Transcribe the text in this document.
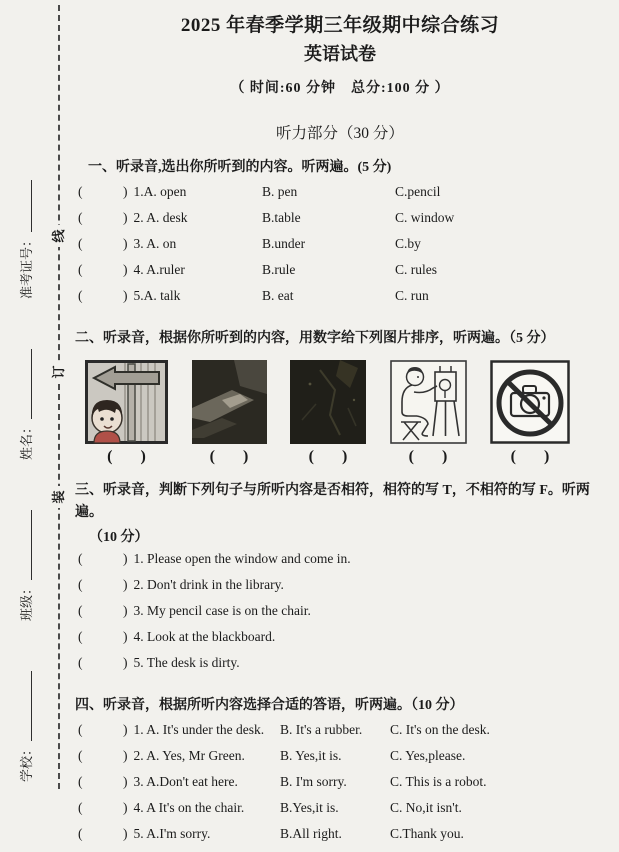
装
订
线
学校：
班级：
姓名：
准考证号：
2025 年春季学期三年级期中综合练习
英语试卷
（ 时间:60 分钟　总分:100 分 ）
听力部分（30 分）
一、听录音,选出你所听到的内容。听两遍。(5 分)
(	) 1.A. open	B. pen	C.pencil
(	) 2. A. desk	B.table	C. window
(	) 3. A. on	B.under	C.by
(	) 4. A.ruler	B.rule	C. rules
(	) 5.A. talk	B. eat	C. run
二、听录音，根据你所听到的内容，用数字给下列图片排序，听两遍。（5 分）
( )	( )	( )	( )	( )
三、听录音，判断下列句子与所听内容是否相符，相符的写 T，不相符的写 F。听两遍。
（10 分）
(	) 1. Please open the window and come in.
(	) 2. Don't drink in the library.
(	) 3. My pencil case is on the chair.
(	) 4. Look at the blackboard.
(	) 5. The desk is dirty.
四、听录音，根据所听内容选择合适的答语，听两遍。（10 分）
(	) 1. A. It's under the desk.	B. It's a rubber.	C. It's on the desk.
(	) 2. A. Yes, Mr Green.	B. Yes,it is.	C. Yes,please.
(	) 3. A.Don't eat here.	B. I'm sorry.	C. This is a robot.
(	) 4. A It's on the chair.	B.Yes,it is.	C. No,it isn't.
(	) 5. A.I'm sorry.	B.All right.	C.Thank you.
